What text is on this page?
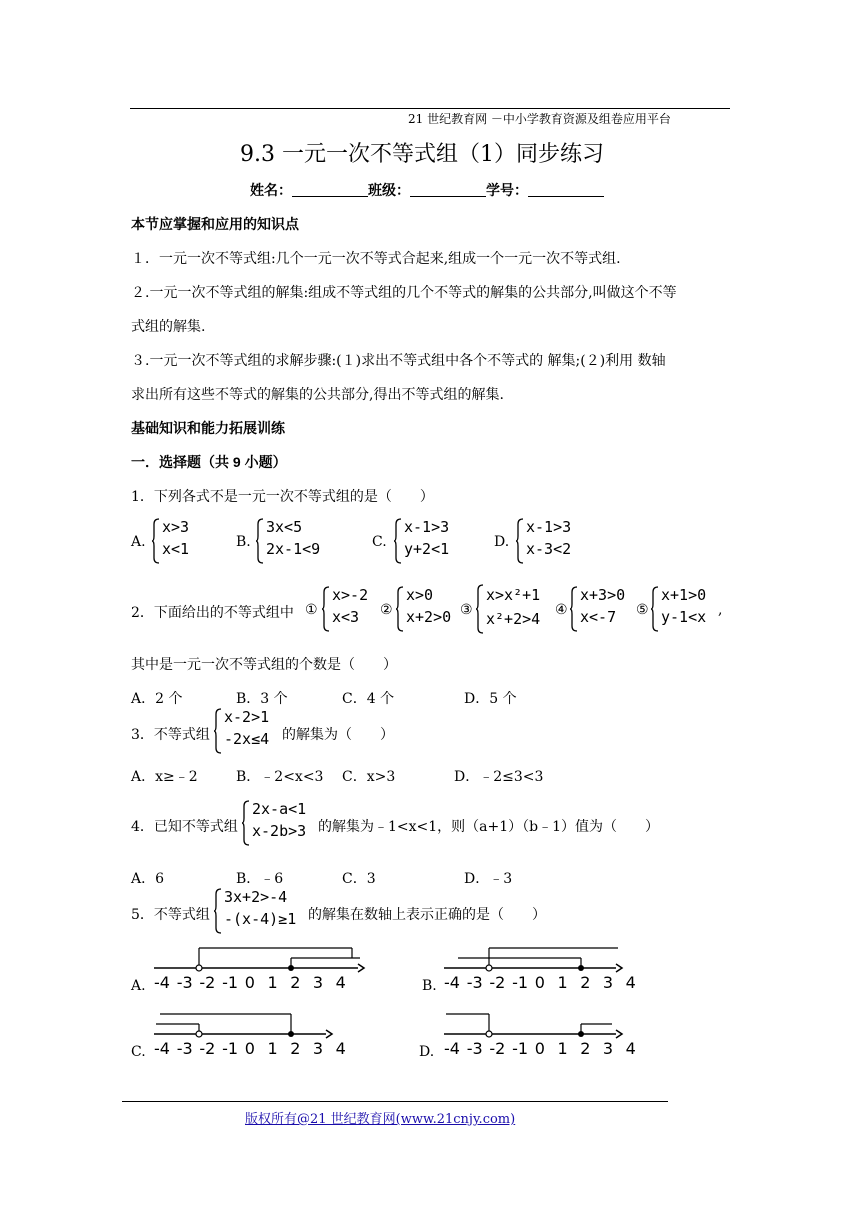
21 世纪教育网 －中小学教育资源及组卷应用平台
9.3 一元一次不等式组（1）同步练习
姓名：	班级：	学号：
本节应掌握和应用的知识点
１．一元一次不等式组:几个一元一次不等式合起来,组成一个一元一次不等式组.
２.一元一次不等式组的解集:组成不等式组的几个不等式的解集的公共部分,叫做这个不等
式组的解集.
３.一元一次不等式组的求解步骤:(１)求出不等式组中各个不等式的 解集;(２)利用 数轴
求出所有这些不等式的解集的公共部分,得出不等式组的解集.
基础知识和能力拓展训练
一．选择题（共 9 小题）
1．下列各式不是一元一次不等式组的是（　　）
A.
x>3
x<1	B.
3x<5
2x-1<9	C.
x-1>3
y+2<1	D.
x-1>3
x-3<2
2．下面给出的不等式组中 ①
x>-2
x<3 ②
x>0
x+2>0 ③
x>x²+1
x²+2>4 ④
x+3>0
x<-7 ⑤
x+1>0
y-1<x ,
其中是一元一次不等式组的个数是（　　）
A．2 个	B．3 个	C．4 个	D．5 个
3．不等式组
x-2>1
-2x≤4 的解集为（　　）
A．x≥﹣2	B．﹣2<x<3 C．x>3	D．﹣2≤3<3
4．已知不等式组
2x-a<1
x-2b>3 的解集为﹣1<x<1，则（a+1）（b﹣1）值为（　　）
A．6	B．﹣6	C．3	D．﹣3
5．不等式组
3x+2>-4
-(x-4)≥1 的解集在数轴上表示正确的是（　　）
A.	B.
C.	D.
-4 -3 -2 -1 0 1 2 3 4	-4 -3 -2 -1 0 1 2 3 4
-4 -3 -2 -1 0 1 2 3 4	-4 -3 -2 -1 0 1 2 3 4
版权所有@21 世纪教育网(www.21cnjy.com)
